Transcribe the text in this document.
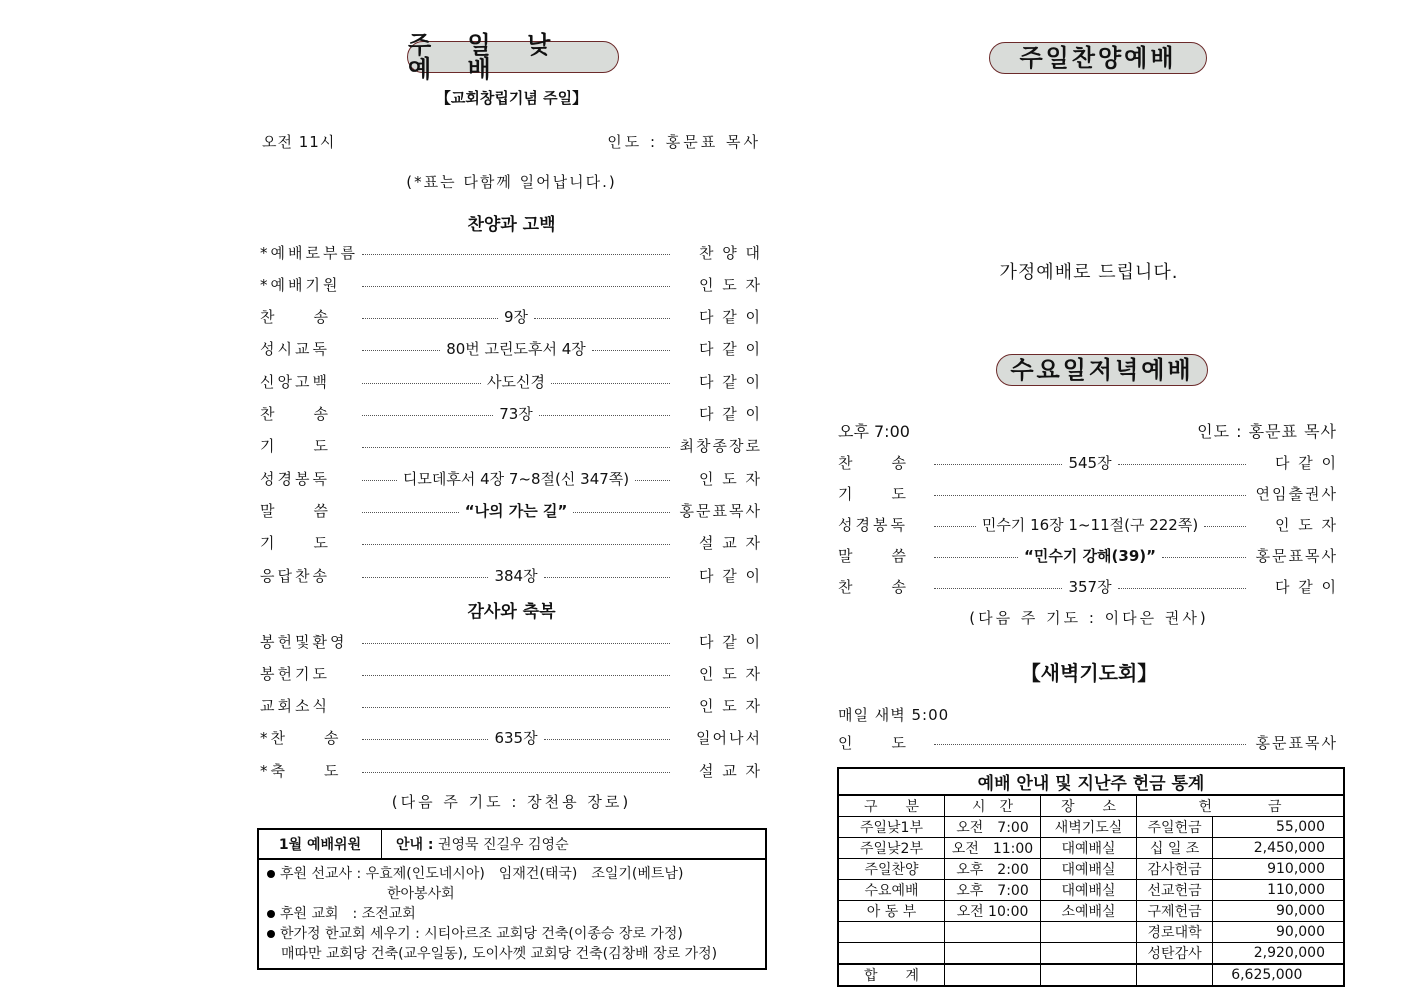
주 일 낮 예 배
【교회창립기념 주일】
오전 11시	인도 : 홍문표 목사
(*표는 다함께 일어납니다.)
찬양과 고백
*예배로부름	찬 양 대
*예배기원	인 도 자
찬　　송	9장	다 같 이
성시교독	80번 고린도후서 4장	다 같 이
신앙고백	사도신경	다 같 이
찬　　송	73장	다 같 이
기　　도	최창종장로
성경봉독	디모데후서 4장 7~8절(신 347쪽)	인 도 자
말　　씀	“나의 가는 길”	홍문표목사
기　　도	설 교 자
응답찬송	384장	다 같 이
감사와 축복
봉헌및환영	다 같 이
봉헌기도	인 도 자
교회소식	인 도 자
*찬　　송	635장	일어나서
*축　　도	설 교 자
(다음 주 기도 : 장천용 장로)
1월 예배위원	안내 :
권영묵 진길우 김영순
후원 선교사 : 우효제(인도네시아)　임재건(태국)　조일기(베트남)
한아봉사회
후원 교회　: 조전교회
한가정 한교회 세우기 : 시티아르조 교회당 건축(이종승 장로 가정)
매따만 교회당 건축(교우일동), 도이사껫 교회당 건축(김창배 장로 가정)
주일찬양예배
가정예배로 드립니다.
수요일저녁예배
오후 7:00	인도 : 홍문표 목사
찬　　송	545장	다 같 이
기　　도	연임출권사
성경봉독	민수기 16장 1~11절(구 222쪽)	인 도 자
말　　씀	“민수기 강해(39)”	홍문표목사
찬　　송	357장	다 같 이
(다음 주 기도 : 이다은 권사)
【새벽기도회】
매일 새벽 5:00
인　　도	홍문표목사
예배 안내 및 지난주 헌금 통계				
구　　분	시　간	장　　소	헌　　　　금	
주일낮1부	오전　7:00	새벽기도실	주일헌금	55,000
주일낮2부	오전　11:00	대예배실	십 일 조	2,450,000
주일찬양	오후　2:00	대예배실	감사헌금	910,000
수요예배	오후　7:00	대예배실	선교헌금	110,000
아 동 부	오전 10:00	소예배실	구제헌금	90,000
			경로대학	90,000
			성탄감사	2,920,000
합　　계				6,625,000
